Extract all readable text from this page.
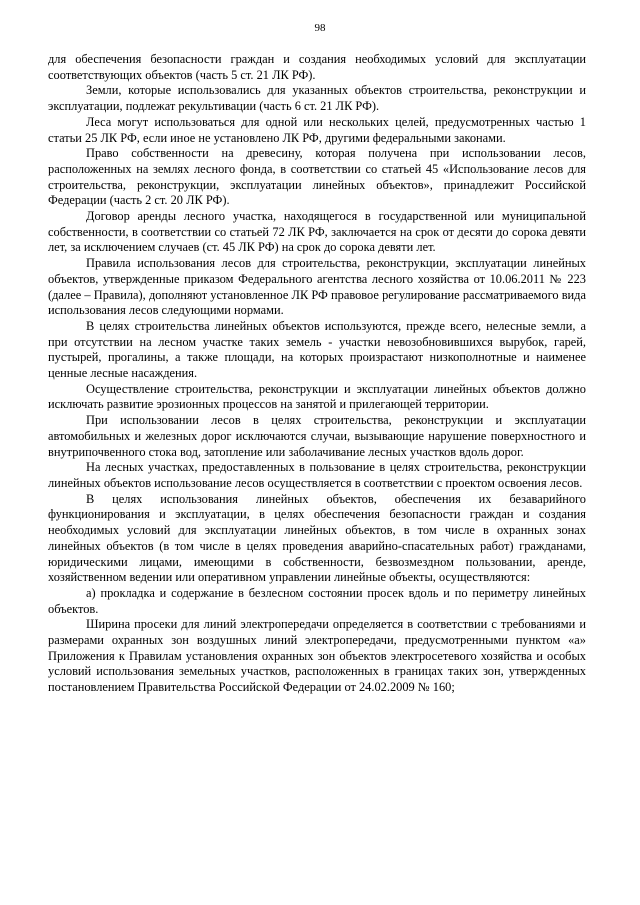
98

для обеспечения безопасности граждан и создания необходимых условий для эксплуатации соответствующих объектов (часть 5 ст. 21 ЛК РФ).

Земли, которые использовались для указанных объектов строительства, реконструкции и эксплуатации, подлежат рекультивации (часть 6 ст. 21 ЛК РФ).

Леса могут использоваться для одной или нескольких целей, предусмотренных частью 1 статьи 25 ЛК РФ, если иное не установлено ЛК РФ, другими федеральными законами.

Право собственности на древесину, которая получена при использовании лесов, расположенных на землях лесного фонда, в соответствии со статьей 45 «Использование лесов для строительства, реконструкции, эксплуатации линейных объектов», принадлежит Российской Федерации (часть 2 ст. 20 ЛК РФ).

Договор аренды лесного участка, находящегося в государственной или муниципальной собственности, в соответствии со статьей 72 ЛК РФ, заключается на срок от десяти до сорока девяти лет, за исключением случаев (ст. 45 ЛК РФ) на срок до сорока девяти лет.

Правила использования лесов для строительства, реконструкции, эксплуатации линейных объектов, утвержденные приказом Федерального агентства лесного хозяйства от 10.06.2011 № 223 (далее – Правила), дополняют установленное ЛК РФ правовое регулирование рассматриваемого вида использования лесов следующими нормами.

В целях строительства линейных объектов используются, прежде всего, нелесные земли, а при отсутствии на лесном участке таких земель - участки невозобновившихся вырубок, гарей, пустырей, прогалины, а также площади, на которых произрастают низкополнотные и наименее ценные лесные насаждения.

Осуществление строительства, реконструкции и эксплуатации линейных объектов должно исключать развитие эрозионных процессов на занятой и прилегающей территории.

При использовании лесов в целях строительства, реконструкции и эксплуатации автомобильных и железных дорог исключаются случаи, вызывающие нарушение поверхностного и внутрипочвенного стока вод, затопление или заболачивание лесных участков вдоль дорог.

На лесных участках, предоставленных в пользование в целях строительства, реконструкции линейных объектов использование лесов осуществляется в соответствии с проектом освоения лесов.

В целях использования линейных объектов, обеспечения их безаварийного функционирования и эксплуатации, в целях обеспечения безопасности граждан и создания необходимых условий для эксплуатации линейных объектов, в том числе в охранных зонах линейных объектов (в том числе в целях проведения аварийно-спасательных работ) гражданами, юридическими лицами, имеющими в собственности, безвозмездном пользовании, аренде, хозяйственном ведении или оперативном управлении линейные объекты, осуществляются:

а) прокладка и содержание в безлесном состоянии просек вдоль и по периметру линейных объектов.

Ширина просеки для линий электропередачи определяется в соответствии с требованиями и размерами охранных зон воздушных линий электропередачи, предусмотренными пунктом «а» Приложения к Правилам установления охранных зон объектов электросетевого хозяйства и особых условий использования земельных участков, расположенных в границах таких зон, утвержденных постановлением Правительства Российской Федерации от 24.02.2009 № 160;
